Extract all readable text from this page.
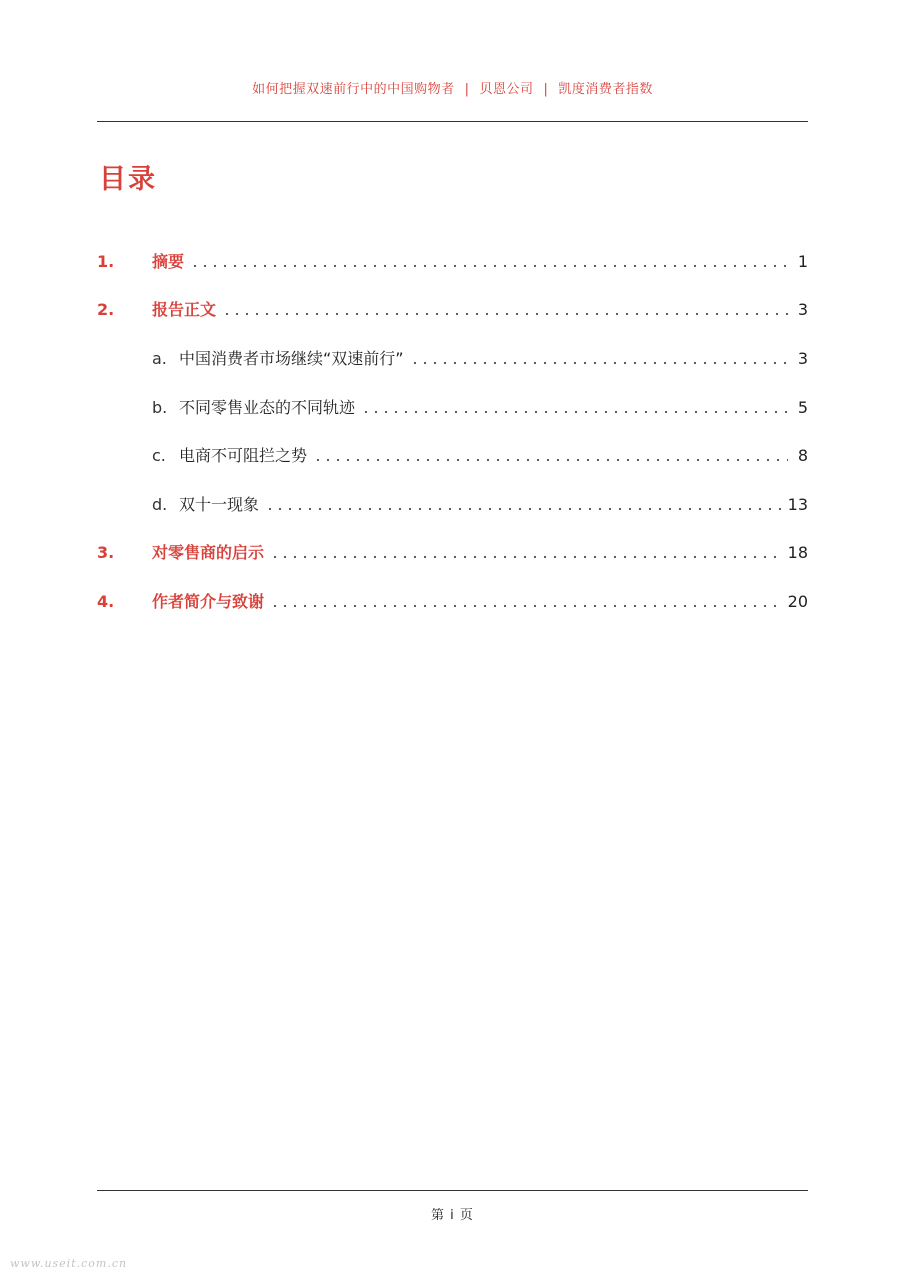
如何把握双速前行中的中国购物者 | 贝恩公司 | 凯度消费者指数
目录
1.	摘要	1
2.	报告正文	3
a. 中国消费者市场继续“双速前行”	3
b. 不同零售业态的不同轨迹	5
c. 电商不可阻拦之势	8
d. 双十一现象	13
3.	对零售商的启示	18
4.	作者简介与致谢	20
第 i 页
www.useit.com.cn
